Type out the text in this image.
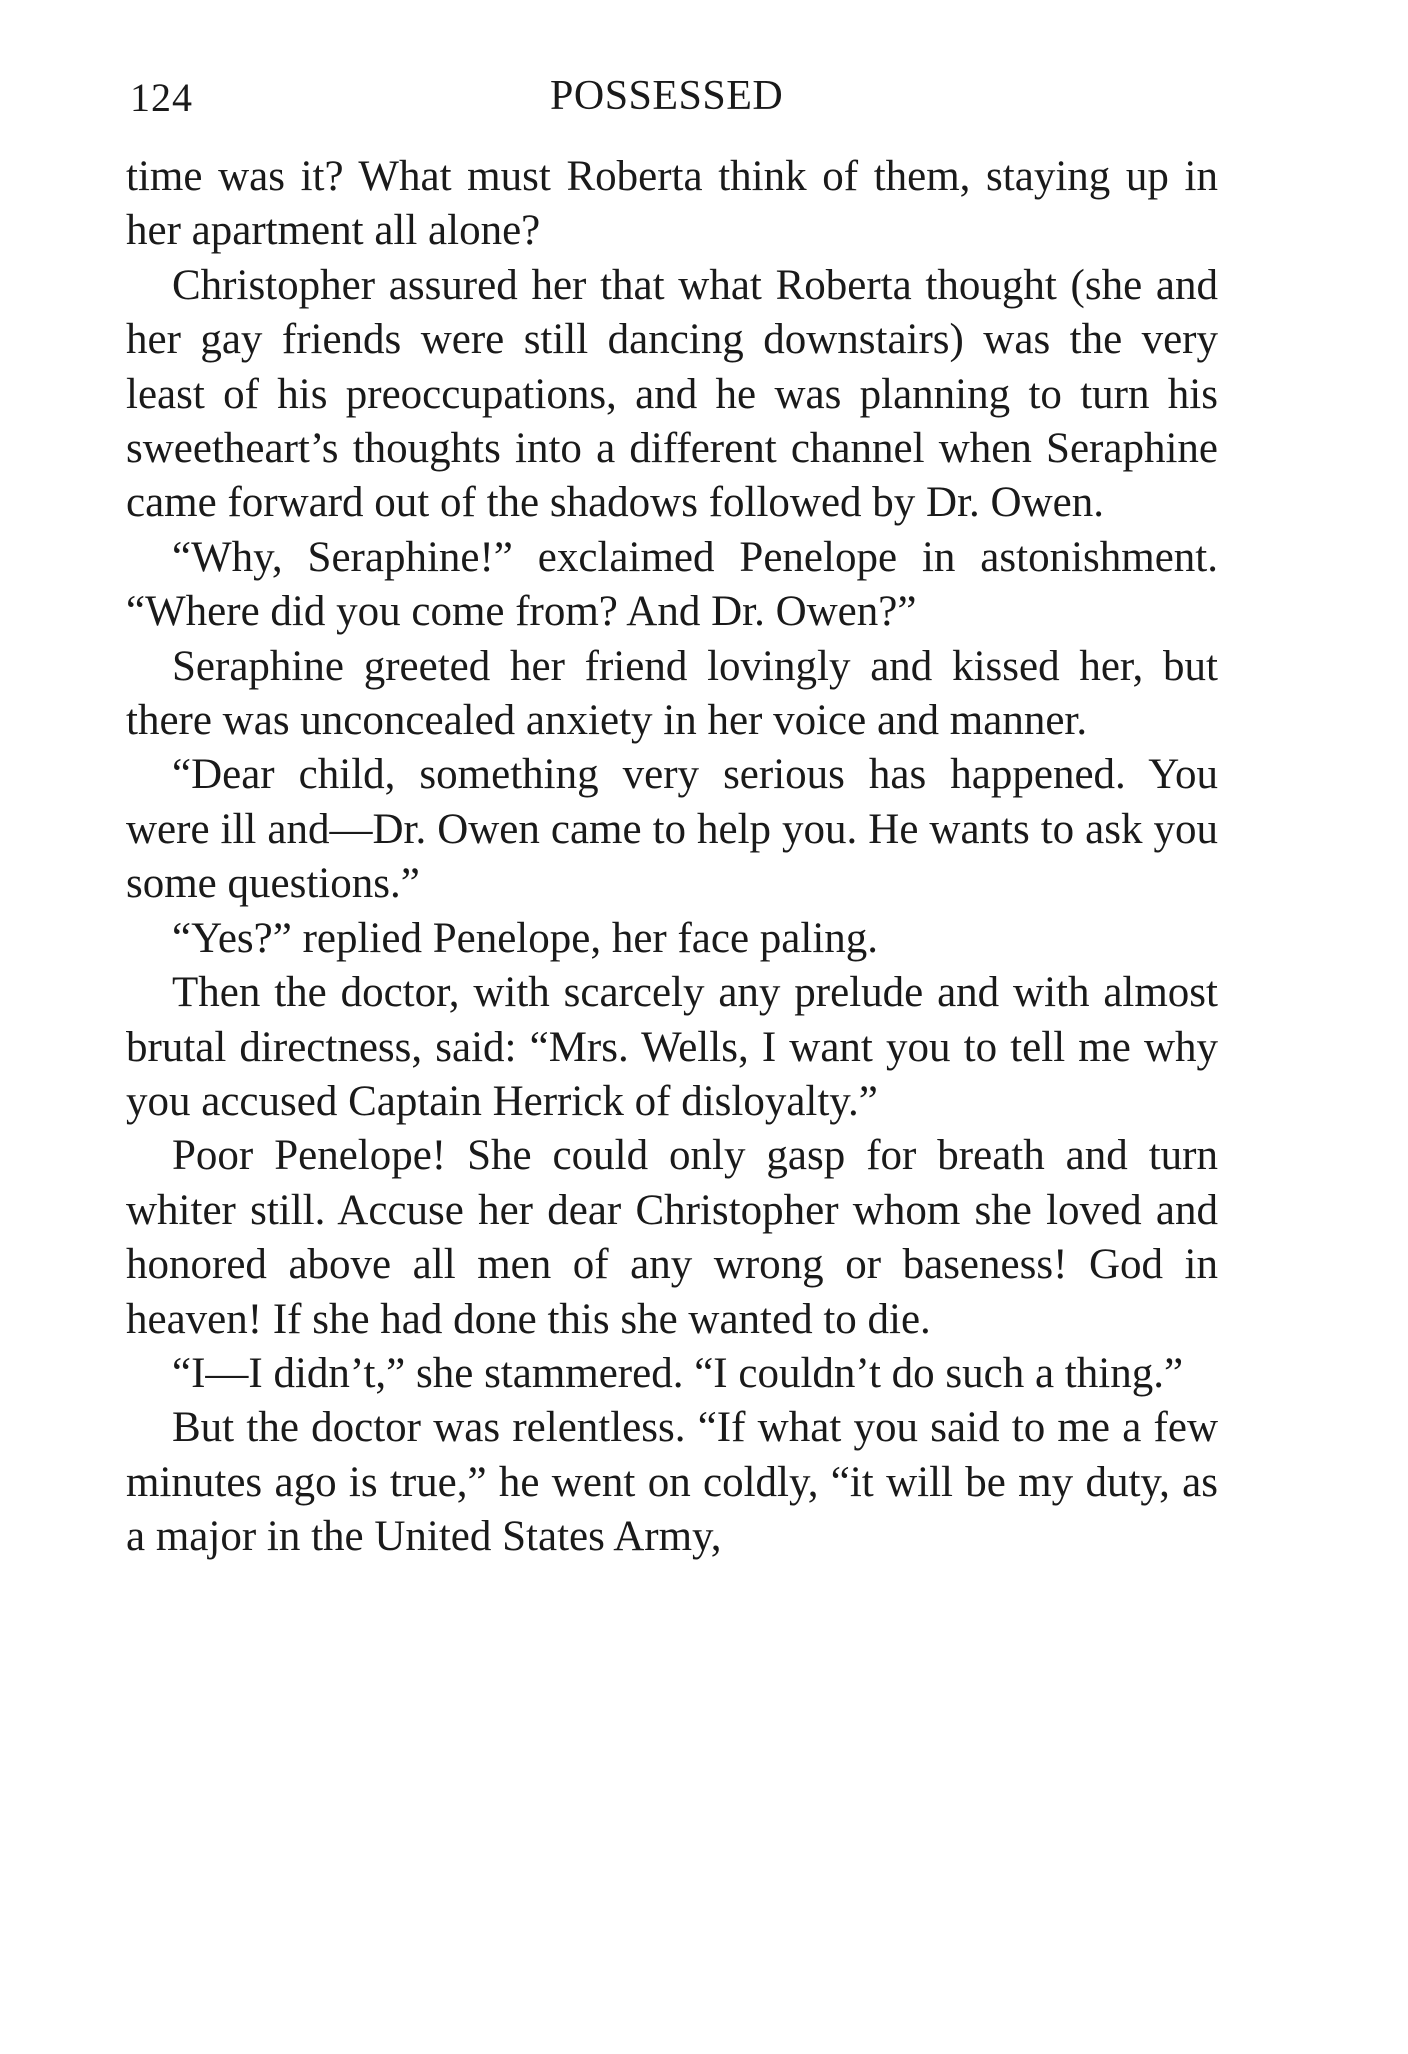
124	POSSESSED

time was it? What must Roberta think of them, staying up in her apartment all alone?

Christopher assured her that what Roberta thought (she and her gay friends were still dancing downstairs) was the very least of his preoccupations, and he was planning to turn his sweetheart’s thoughts into a different channel when Seraphine came forward out of the shadows followed by Dr. Owen.

“Why, Seraphine!” exclaimed Penelope in astonishment. “Where did you come from? And Dr. Owen?”

Seraphine greeted her friend lovingly and kissed her, but there was unconcealed anxiety in her voice and manner.

“Dear child, something very serious has happened. You were ill and—Dr. Owen came to help you. He wants to ask you some questions.”

“Yes?” replied Penelope, her face paling.

Then the doctor, with scarcely any prelude and with almost brutal directness, said: “Mrs. Wells, I want you to tell me why you accused Captain Herrick of disloyalty.”

Poor Penelope! She could only gasp for breath and turn whiter still. Accuse her dear Christopher whom she loved and honored above all men of any wrong or baseness! God in heaven! If she had done this she wanted to die.

“I—I didn’t,” she stammered. “I couldn’t do such a thing.”

But the doctor was relentless. “If what you said to me a few minutes ago is true,” he went on coldly, “it will be my duty, as a major in the United States Army,
